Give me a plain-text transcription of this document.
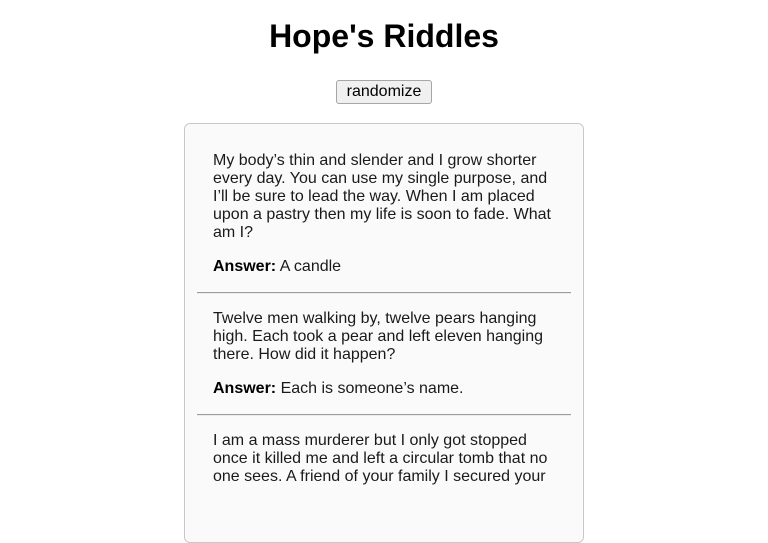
Hope's Riddles
randomize

My body’s thin and slender and I grow shorter every day. You can use my single purpose, and I’ll be sure to lead the way. When I am placed upon a pastry then my life is soon to fade. What am I?

Answer: A candle

Twelve men walking by, twelve pears hanging high. Each took a pear and left eleven hanging there. How did it happen?

Answer: Each is someone’s name.

I am a mass murderer but I only got stopped once it killed me and left a circular tomb that no one sees. A friend of your family I secured your
